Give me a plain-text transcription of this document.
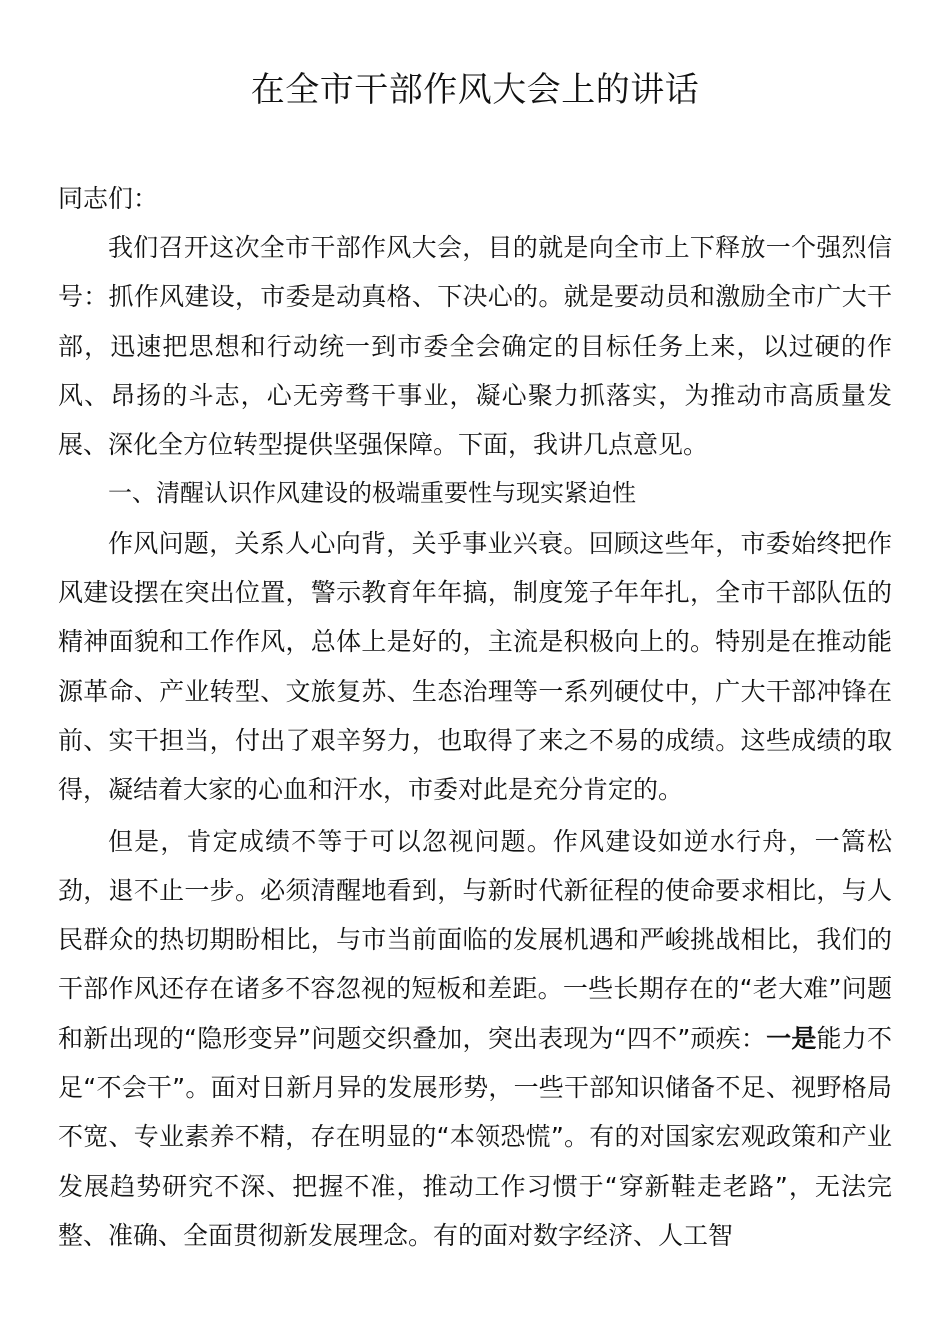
在全市干部作风大会上的讲话

同志们：

我们召开这次全市干部作风大会，目的就是向全市上下释放一个强烈信号：抓作风建设，市委是动真格、下决心的。就是要动员和激励全市广大干部，迅速把思想和行动统一到市委全会确定的目标任务上来，以过硬的作风、昂扬的斗志，心无旁骛干事业，凝心聚力抓落实，为推动市高质量发展、深化全方位转型提供坚强保障。下面，我讲几点意见。

一、清醒认识作风建设的极端重要性与现实紧迫性

作风问题，关系人心向背，关乎事业兴衰。回顾这些年，市委始终把作风建设摆在突出位置，警示教育年年搞，制度笼子年年扎，全市干部队伍的精神面貌和工作作风，总体上是好的，主流是积极向上的。特别是在推动能源革命、产业转型、文旅复苏、生态治理等一系列硬仗中，广大干部冲锋在前、实干担当，付出了艰辛努力，也取得了来之不易的成绩。这些成绩的取得，凝结着大家的心血和汗水，市委对此是充分肯定的。

但是，肯定成绩不等于可以忽视问题。作风建设如逆水行舟，一篙松劲，退不止一步。必须清醒地看到，与新时代新征程的使命要求相比，与人民群众的热切期盼相比，与市当前面临的发展机遇和严峻挑战相比，我们的干部作风还存在诸多不容忽视的短板和差距。一些长期存在的“老大难”问题和新出现的“隐形变异”问题交织叠加，突出表现为“四不”顽疾：一是能力不足“不会干”。面对日新月异的发展形势，一些干部知识储备不足、视野格局不宽、专业素养不精，存在明显的“本领恐慌”。有的对国家宏观政策和产业发展趋势研究不深、把握不准，推动工作习惯于“穿新鞋走老路”，无法完整、准确、全面贯彻新发展理念。有的面对数字经济、人工智
